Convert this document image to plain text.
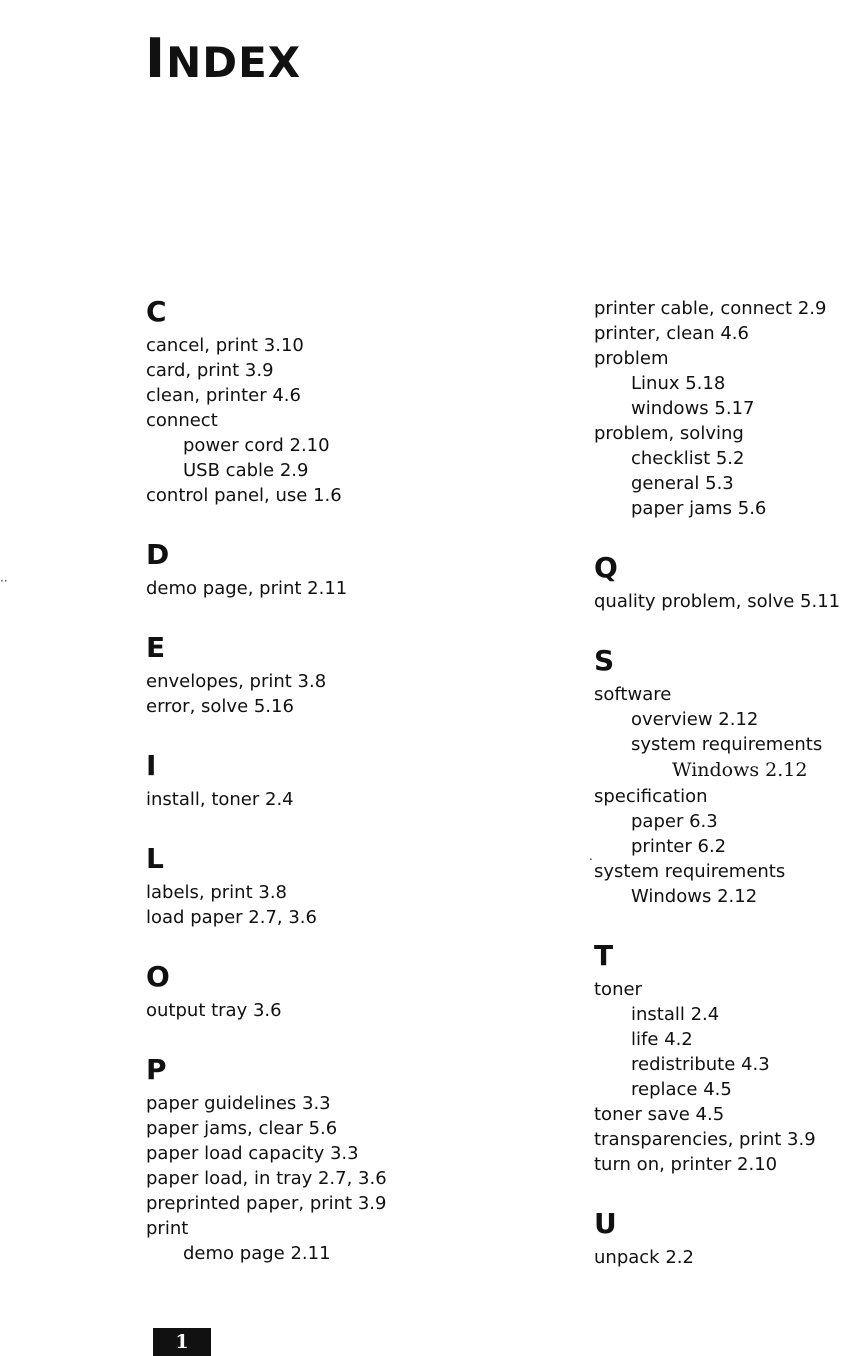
INDEX
··
.
C
cancel, print 3.10
card, print 3.9
clean, printer 4.6
connect
power cord 2.10
USB cable 2.9
control panel, use 1.6
D
demo page, print 2.11
E
envelopes, print 3.8
error, solve 5.16
I
install, toner 2.4
L
labels, print 3.8
load paper 2.7, 3.6
O
output tray 3.6
P
paper guidelines 3.3
paper jams, clear 5.6
paper load capacity 3.3
paper load, in tray 2.7, 3.6
preprinted paper, print 3.9
print
demo page 2.11
printer cable, connect 2.9
printer, clean 4.6
problem
Linux 5.18
windows 5.17
problem, solving
checklist 5.2
general 5.3
paper jams 5.6
Q
quality problem, solve 5.11
S
software
overview 2.12
system requirements
Windows 2.12
specification
paper 6.3
printer 6.2
system requirements
Windows 2.12
T
toner
install 2.4
life 4.2
redistribute 4.3
replace 4.5
toner save 4.5
transparencies, print 3.9
turn on, printer 2.10
U
unpack 2.2
1
